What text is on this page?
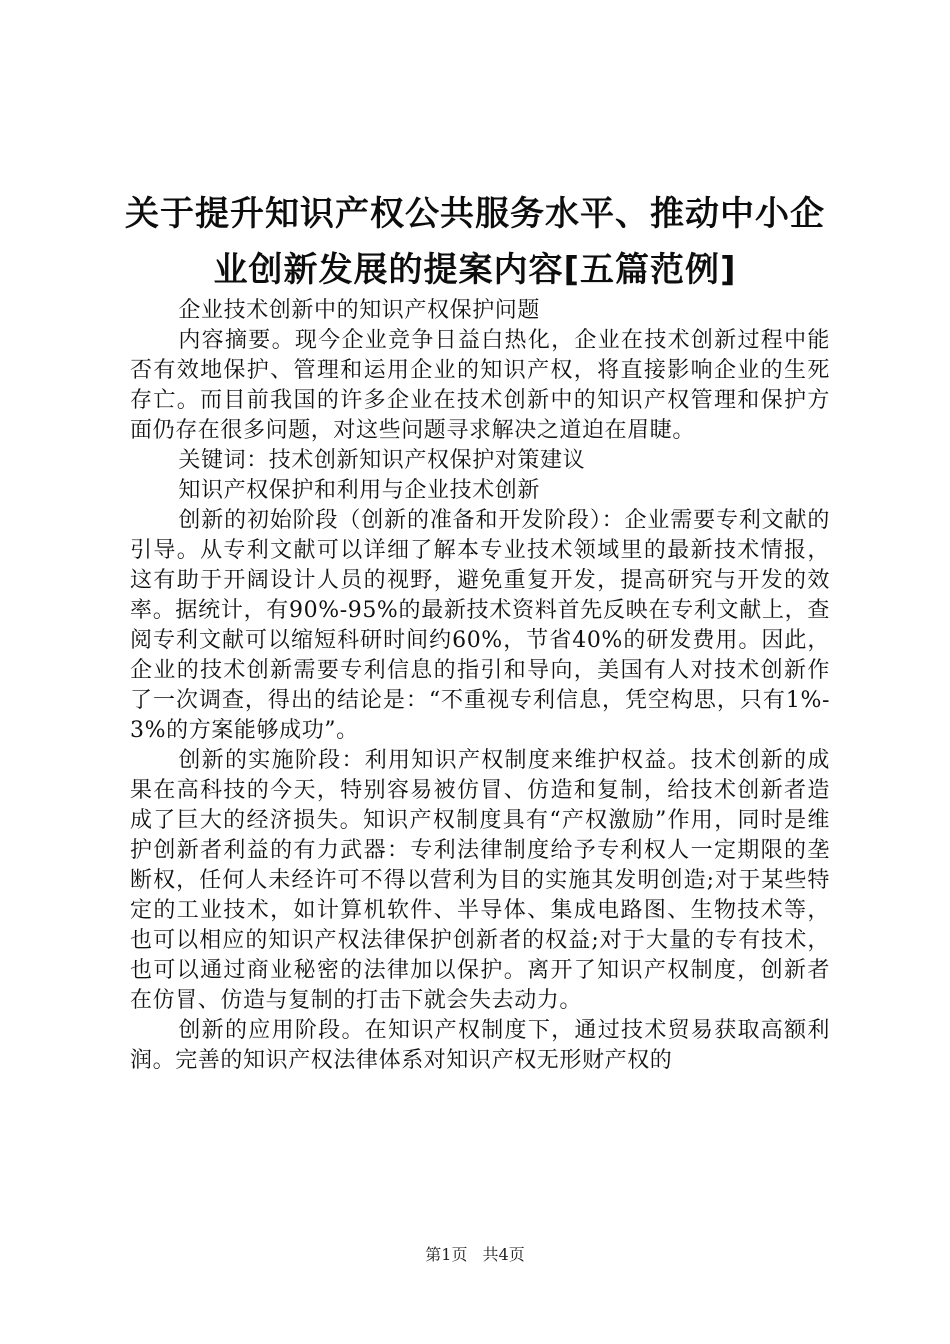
关于提升知识产权公共服务水平、推动中小企
业创新发展的提案内容[五篇范例]

企业技术创新中的知识产权保护问题

内容摘要。现今企业竞争日益白热化，企业在技术创新过程中能否有效地保护、管理和运用企业的知识产权，将直接影响企业的生死存亡。而目前我国的许多企业在技术创新中的知识产权管理和保护方面仍存在很多问题，对这些问题寻求解决之道迫在眉睫。

关键词：技术创新知识产权保护对策建议

知识产权保护和利用与企业技术创新

创新的初始阶段（创新的准备和开发阶段）：企业需要专利文献的引导。从专利文献可以详细了解本专业技术领域里的最新技术情报，这有助于开阔设计人员的视野，避免重复开发，提高研究与开发的效率。据统计，有90%-95%的最新技术资料首先反映在专利文献上，查阅专利文献可以缩短科研时间约60%，节省40%的研发费用。因此，企业的技术创新需要专利信息的指引和导向，美国有人对技术创新作了一次调查，得出的结论是：“不重视专利信息，凭空构思，只有1%-3%的方案能够成功”。

创新的实施阶段：利用知识产权制度来维护权益。技术创新的成果在高科技的今天，特别容易被仿冒、仿造和复制，给技术创新者造成了巨大的经济损失。知识产权制度具有“产权激励”作用，同时是维护创新者利益的有力武器：专利法律制度给予专利权人一定期限的垄断权，任何人未经许可不得以营利为目的实施其发明创造;对于某些特定的工业技术，如计算机软件、半导体、集成电路图、生物技术等，也可以相应的知识产权法律保护创新者的权益;对于大量的专有技术，也可以通过商业秘密的法律加以保护。离开了知识产权制度，创新者在仿冒、仿造与复制的打击下就会失去动力。

创新的应用阶段。在知识产权制度下，通过技术贸易获取高额利润。完善的知识产权法律体系对知识产权无形财产权的

第1页 共4页
